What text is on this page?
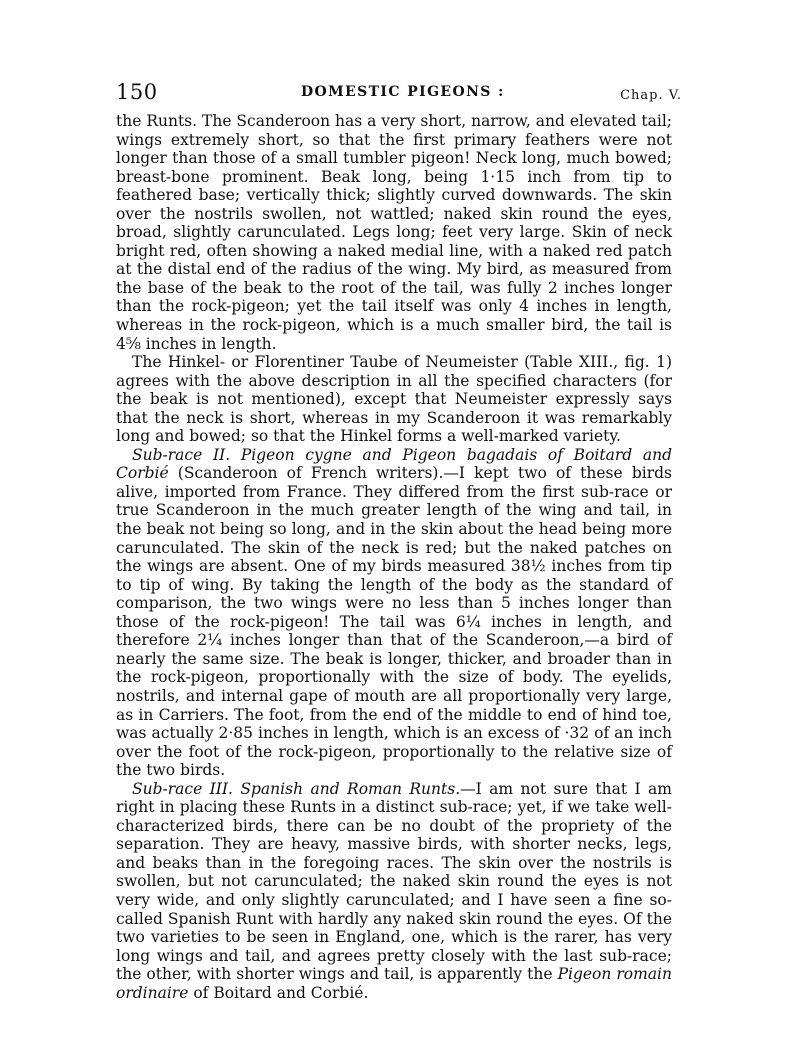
150	DOMESTIC PIGEONS :	Chap. V.

the Runts. The Scanderoon has a very short, narrow, and elevated tail; wings extremely short, so that the first primary feathers were not longer than those of a small tumbler pigeon! Neck long, much bowed; breast-bone prominent. Beak long, being 1·15 inch from tip to feathered base; vertically thick; slightly curved downwards. The skin over the nostrils swollen, not wattled; naked skin round the eyes, broad, slightly carunculated. Legs long; feet very large. Skin of neck bright red, often showing a naked medial line, with a naked red patch at the distal end of the radius of the wing. My bird, as measured from the base of the beak to the root of the tail, was fully 2 inches longer than the rock-pigeon; yet the tail itself was only 4 inches in length, whereas in the rock-pigeon, which is a much smaller bird, the tail is 4⅝ inches in length.

The Hinkel- or Florentiner Taube of Neumeister (Table XIII., fig. 1) agrees with the above description in all the specified characters (for the beak is not mentioned), except that Neumeister expressly says that the neck is short, whereas in my Scanderoon it was remarkably long and bowed; so that the Hinkel forms a well-marked variety.

Sub-race II. Pigeon cygne and Pigeon bagadais of Boitard and Corbié (Scanderoon of French writers).—I kept two of these birds alive, imported from France. They differed from the first sub-race or true Scanderoon in the much greater length of the wing and tail, in the beak not being so long, and in the skin about the head being more carunculated. The skin of the neck is red; but the naked patches on the wings are absent. One of my birds measured 38½ inches from tip to tip of wing. By taking the length of the body as the standard of comparison, the two wings were no less than 5 inches longer than those of the rock-pigeon! The tail was 6¼ inches in length, and therefore 2¼ inches longer than that of the Scanderoon,—a bird of nearly the same size. The beak is longer, thicker, and broader than in the rock-pigeon, proportionally with the size of body. The eyelids, nostrils, and internal gape of mouth are all proportionally very large, as in Carriers. The foot, from the end of the middle to end of hind toe, was actually 2·85 inches in length, which is an excess of ·32 of an inch over the foot of the rock-pigeon, proportionally to the relative size of the two birds.

Sub-race III. Spanish and Roman Runts.—I am not sure that I am right in placing these Runts in a distinct sub-race; yet, if we take well-characterized birds, there can be no doubt of the propriety of the separation. They are heavy, massive birds, with shorter necks, legs, and beaks than in the foregoing races. The skin over the nostrils is swollen, but not carunculated; the naked skin round the eyes is not very wide, and only slightly carunculated; and I have seen a fine so-called Spanish Runt with hardly any naked skin round the eyes. Of the two varieties to be seen in England, one, which is the rarer, has very long wings and tail, and agrees pretty closely with the last sub-race; the other, with shorter wings and tail, is apparently the Pigeon romain ordinaire of Boitard and Corbié.
